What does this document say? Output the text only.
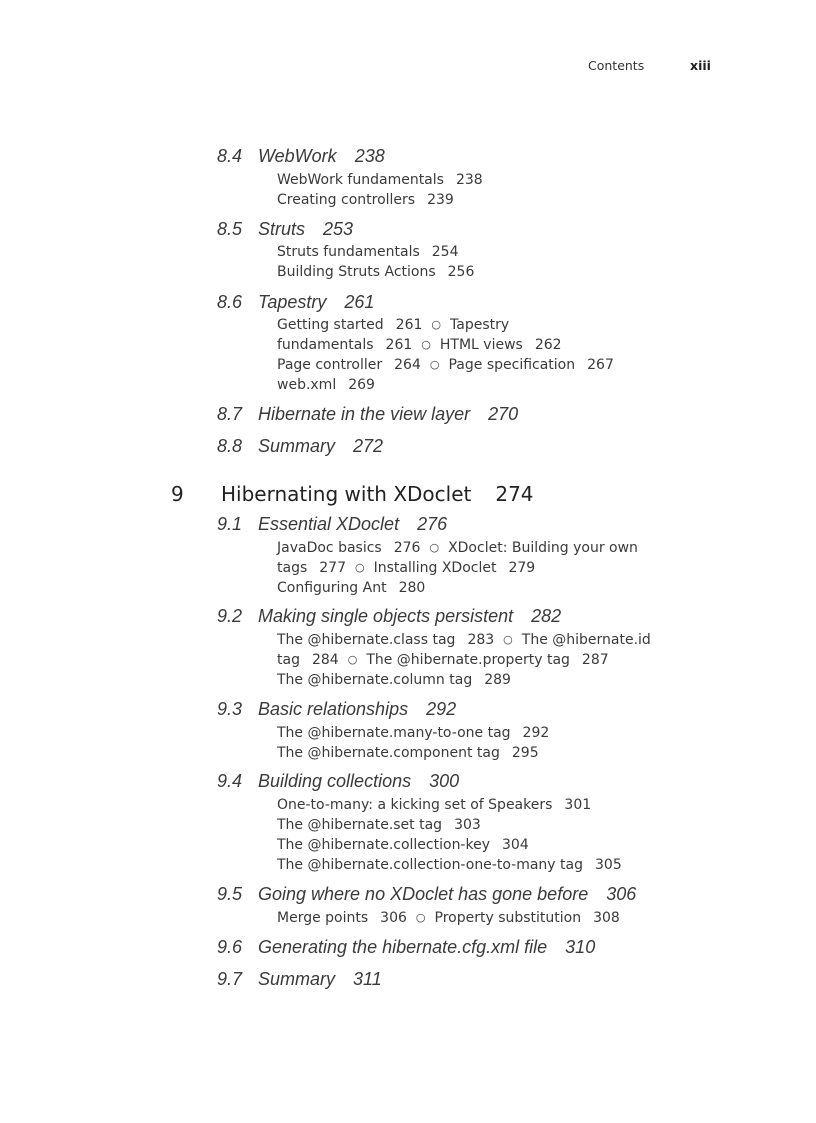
Contents	xiii
8.4 WebWork 238
WebWork fundamentals 238
Creating controllers 239
8.5 Struts 253
Struts fundamentals 254
Building Struts Actions 256
8.6 Tapestry 261
Getting started 261 ○ Tapestry
fundamentals 261 ○ HTML views 262
Page controller 264 ○ Page specification 267
web.xml 269
8.7 Hibernate in the view layer 270
8.8 Summary 272
9 Hibernating with XDoclet 274
9.1 Essential XDoclet 276
JavaDoc basics 276 ○ XDoclet: Building your own
tags 277 ○ Installing XDoclet 279
Configuring Ant 280
9.2 Making single objects persistent 282
The @hibernate.class tag 283 ○ The @hibernate.id
tag 284 ○ The @hibernate.property tag 287
The @hibernate.column tag 289
9.3 Basic relationships 292
The @hibernate.many-to-one tag 292
The @hibernate.component tag 295
9.4 Building collections 300
One-to-many: a kicking set of Speakers 301
The @hibernate.set tag 303
The @hibernate.collection-key 304
The @hibernate.collection-one-to-many tag 305
9.5 Going where no XDoclet has gone before 306
Merge points 306 ○ Property substitution 308
9.6 Generating the hibernate.cfg.xml file 310
9.7 Summary 311
